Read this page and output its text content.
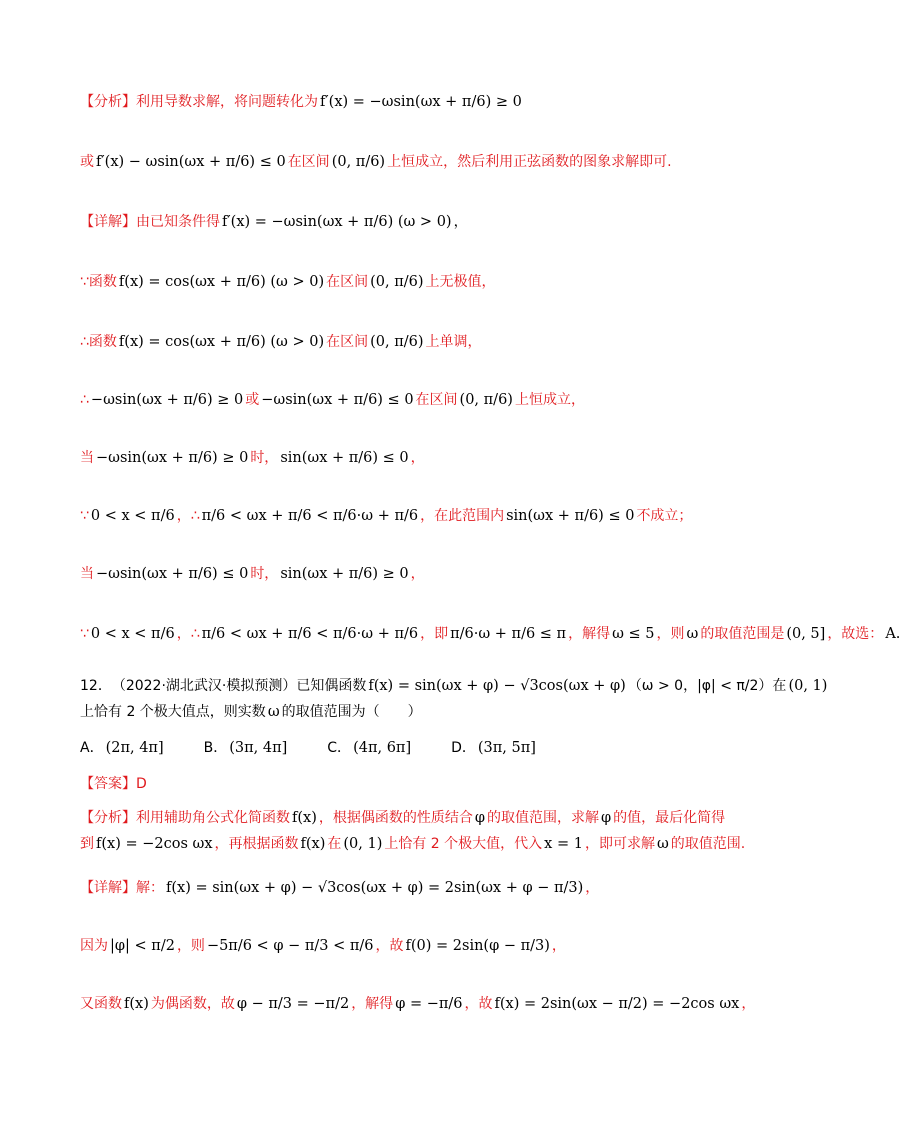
【分析】 利用导数求解，将问题转化为 f′(x) = −ωsin(ωx + π/6) ≥ 0
或 f′(x) − ωsin(ωx + π/6) ≤ 0 在区间 (0, π/6) 上恒成立，然后利用正弦函数的图象求解即可.
【详解】 由已知条件得 f′(x) = −ωsin(ωx + π/6) (ω > 0) ，
∵函数 f(x) = cos(ωx + π/6) (ω > 0) 在区间 (0, π/6) 上无极值，
∴函数 f(x) = cos(ωx + π/6) (ω > 0) 在区间 (0, π/6) 上单调，
∴ −ωsin(ωx + π/6) ≥ 0 或 −ωsin(ωx + π/6) ≤ 0 在区间 (0, π/6) 上恒成立，
当 −ωsin(ωx + π/6) ≥ 0 时， sin(ωx + π/6) ≤ 0 ，
∵ 0 < x < π/6 ，∴ π/6 < ωx + π/6 < π/6·ω + π/6 ，在此范围内 sin(ωx + π/6) ≤ 0 不成立；
当 −ωsin(ωx + π/6) ≤ 0 时， sin(ωx + π/6) ≥ 0 ，
∵ 0 < x < π/6 ，∴ π/6 < ωx + π/6 < π/6·ω + π/6 ，即 π/6·ω + π/6 ≤ π ，解得 ω ≤ 5 ，则 ω 的取值范围是 (0, 5] ，故选： A.
12． （2022·湖北武汉·模拟预测）已知偶函数 f(x) = sin(ωx + φ) − √3cos(ωx + φ) （ω > 0，|φ| < π/2）在 (0, 1)
上恰有 2 个极大值点，则实数 ω 的取值范围为（　　）
A． (2π, 4π]	B． (3π, 4π]	C． (4π, 6π]	D． (3π, 5π]
【答案】 D
【分析】 利用辅助角公式化简函数 f(x) ，根据偶函数的性质结合 φ 的取值范围，求解 φ 的值，最后化简得
到 f(x) = −2cos ωx ，再根据函数 f(x) 在 (0, 1) 上恰有 2 个极大值，代入 x = 1 ，即可求解 ω 的取值范围.
【详解】 解： f(x) = sin(ωx + φ) − √3cos(ωx + φ) = 2sin(ωx + φ − π/3) ，
因为 |φ| < π/2 ，则 −5π/6 < φ − π/3 < π/6 ，故 f(0) = 2sin(φ − π/3) ，
又函数 f(x) 为偶函数，故 φ − π/3 = −π/2 ，解得 φ = −π/6 ，故 f(x) = 2sin(ωx − π/2) = −2cos ωx ，
